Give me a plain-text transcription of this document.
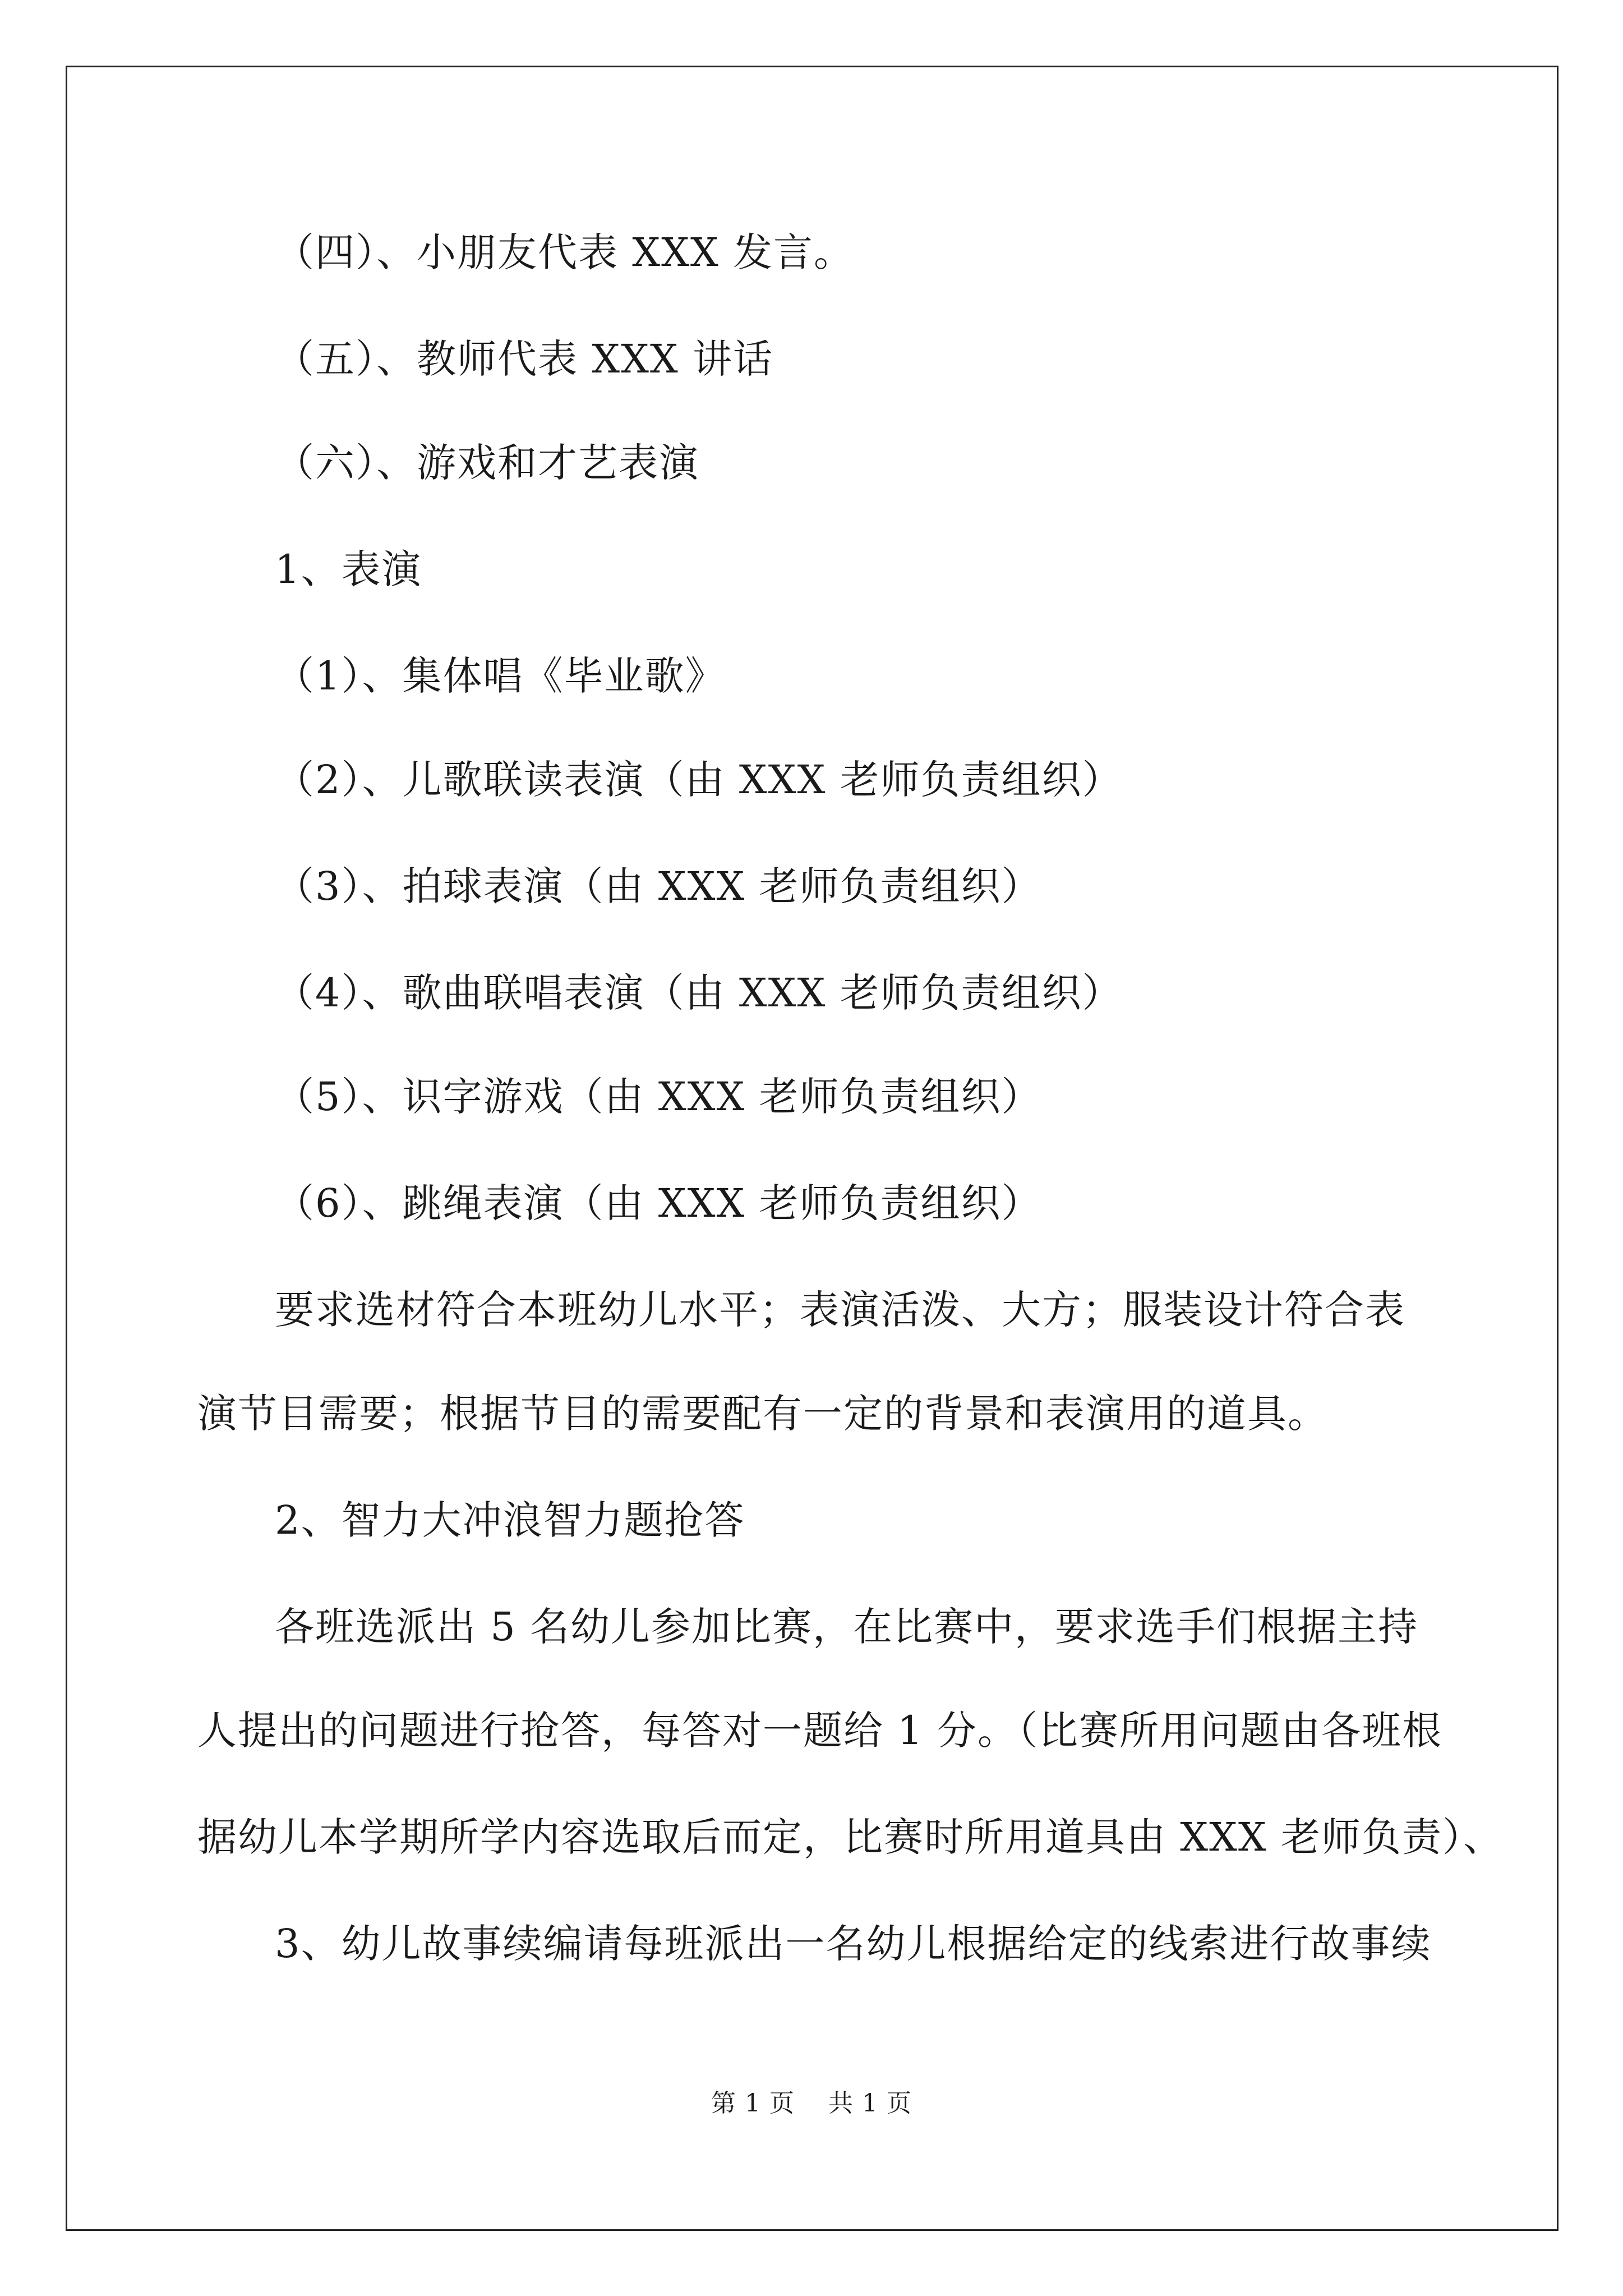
（四）、小朋友代表 XXX 发言。
（五）、教师代表 XXX 讲话
（六）、游戏和才艺表演
1、表演
（1）、集体唱《毕业歌》
（2）、儿歌联读表演（由 XXX 老师负责组织）
（3）、拍球表演（由 XXX 老师负责组织）
（4）、歌曲联唱表演（由 XXX 老师负责组织）
（5）、识字游戏（由 XXX 老师负责组织）
（6）、跳绳表演（由 XXX 老师负责组织）
要求选材符合本班幼儿水平；表演活泼、大方；服装设计符合表
演节目需要；根据节目的需要配有一定的背景和表演用的道具。
2、智力大冲浪智力题抢答
各班选派出 5 名幼儿参加比赛，在比赛中，要求选手们根据主持
人提出的问题进行抢答，每答对一题给 1 分。（比赛所用问题由各班根
据幼儿本学期所学内容选取后而定，比赛时所用道具由 XXX 老师负责）、
3、幼儿故事续编请每班派出一名幼儿根据给定的线索进行故事续
第 1 页　 共 1 页
